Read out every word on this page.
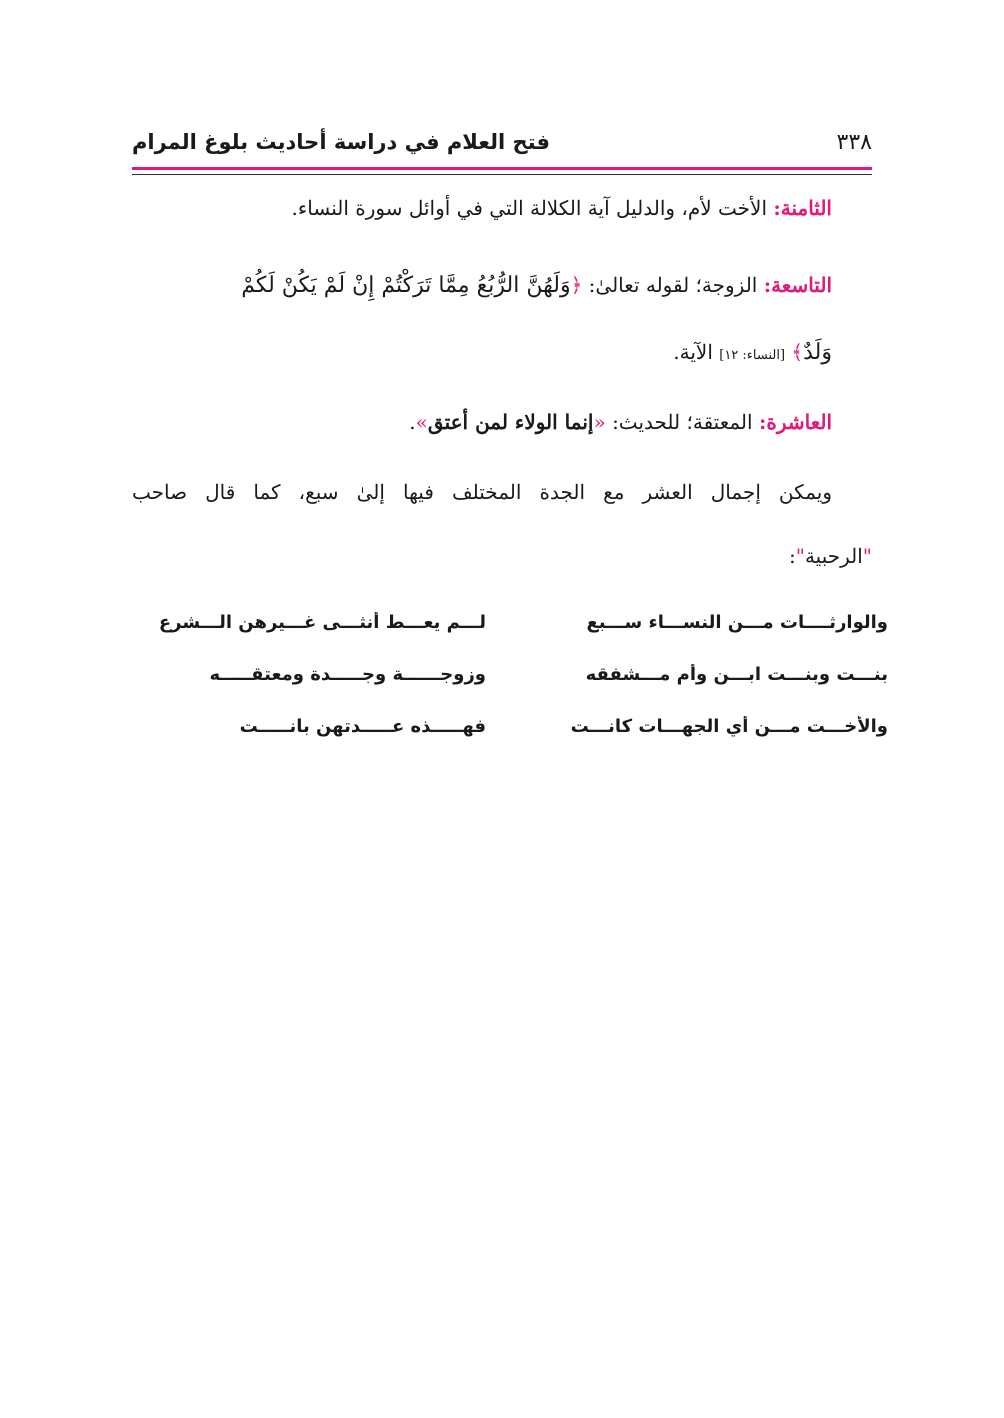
٣٣٨
فتح العلام في دراسة أحاديث بلوغ المرام
الثامنة: الأخت لأم، والدليل آية الكلالة التي في أوائل سورة النساء.
التاسعة: الزوجة؛ لقوله تعالىٰ: ﴿وَلَهُنَّ الرُّبُعُ مِمَّا تَرَكْتُمْ إِنْ لَمْ يَكُنْ لَكُمْ
وَلَدٌ﴾ [النساء: ١٢] الآية.
العاشرة: المعتقة؛ للحديث: «إنما الولاء لمن أعتق».
ويمكن إجمال العشر مع الجدة المختلف فيها إلىٰ سبع، كما قال صاحب
"الرحبية":
والوارثــــات مـــن النســـاء ســـبع
لـــم يعـــط أنثـــى غـــيرهن الـــشرع
بنـــت وبنـــت ابـــن وأم مـــشفقه
وزوجــــــة وجـــــدة ومعتقـــــه
والأخـــت مـــن أي الجهـــات كانـــت
فهـــــذه عـــــدتهن بانـــــت
